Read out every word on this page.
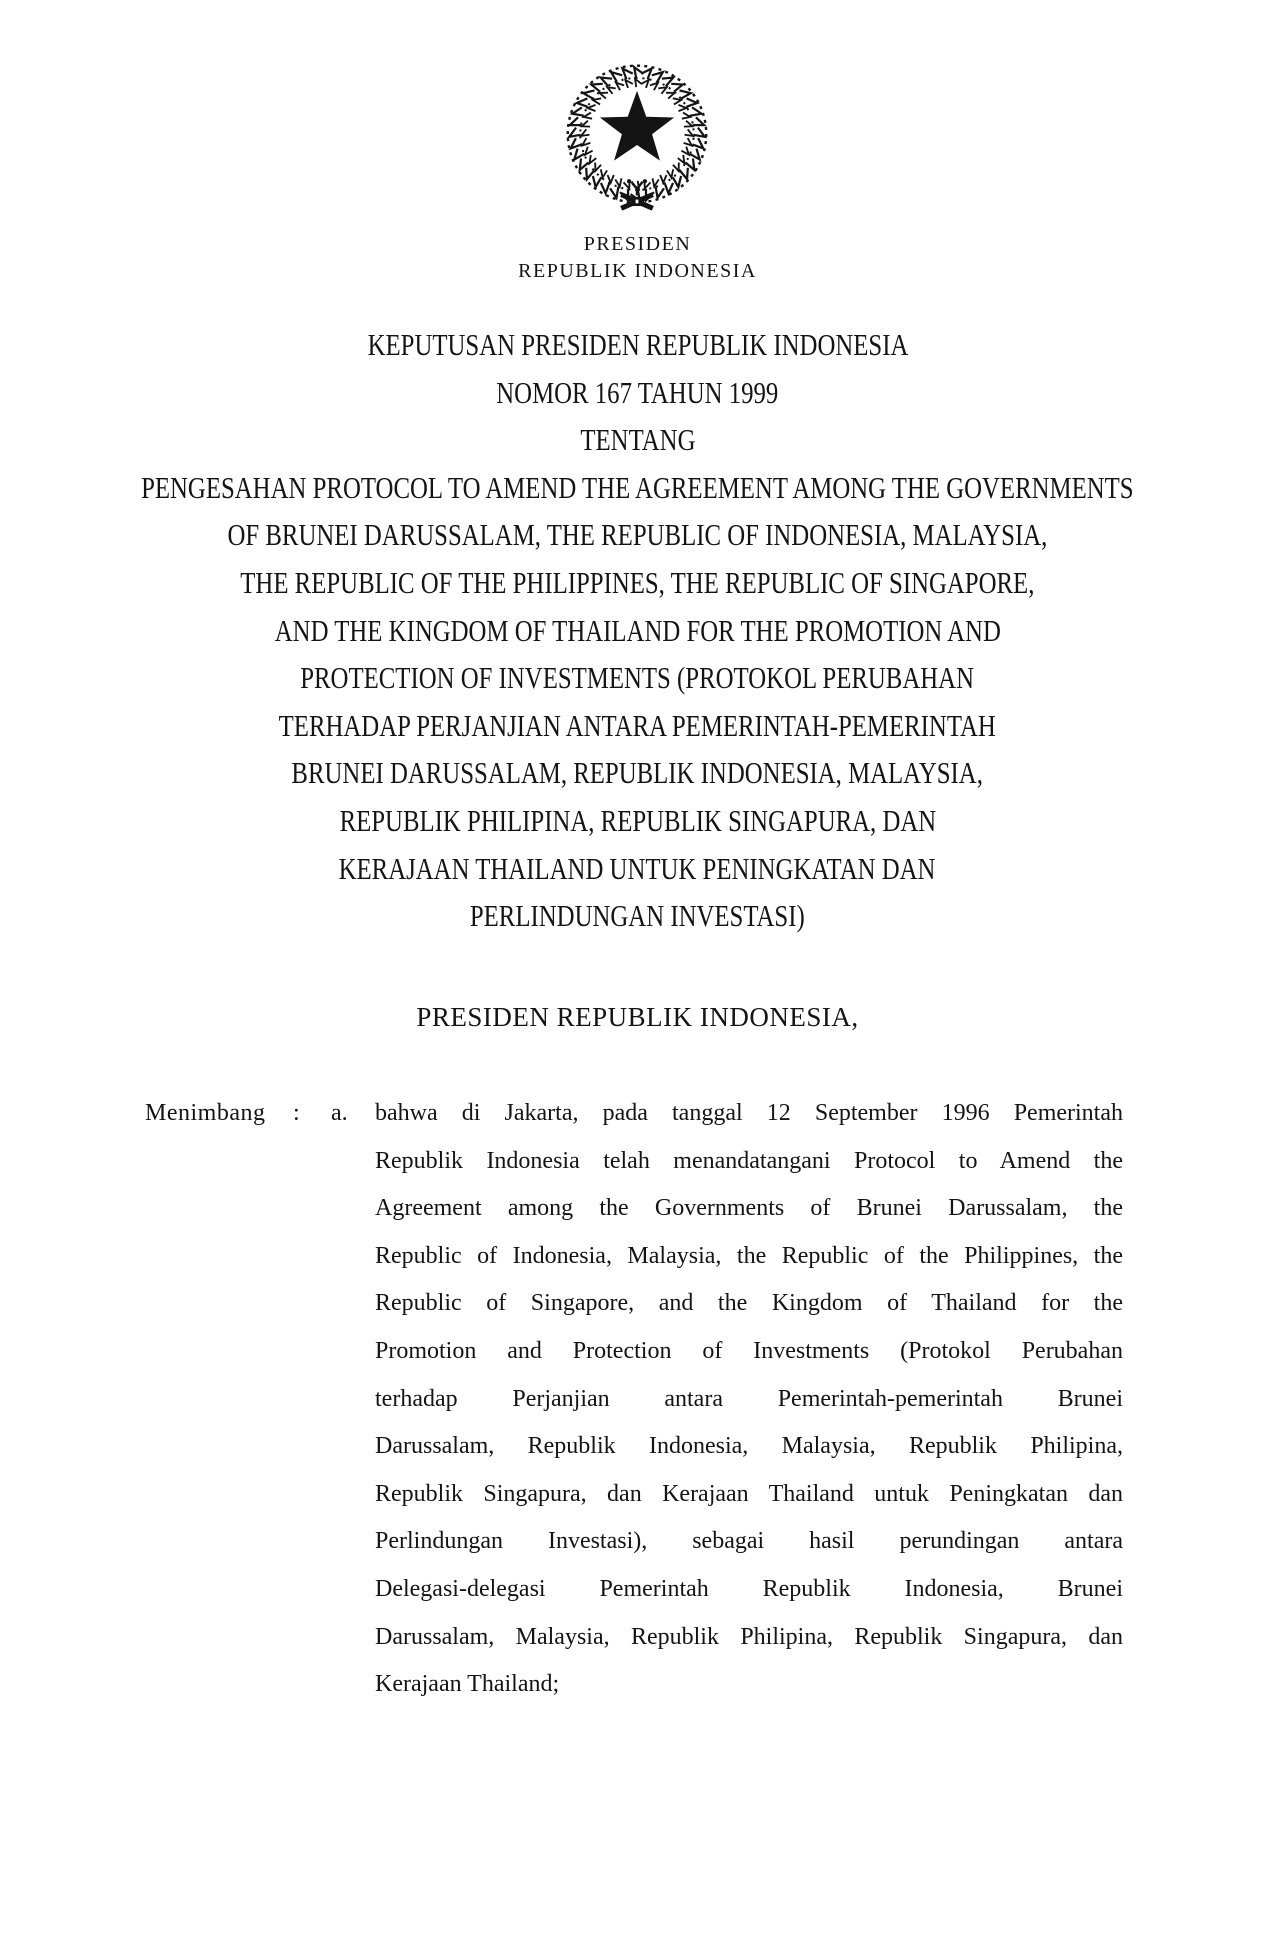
PRESIDEN
REPUBLIK INDONESIA
KEPUTUSAN PRESIDEN REPUBLIK INDONESIA
NOMOR 167 TAHUN 1999
TENTANG
PENGESAHAN PROTOCOL TO AMEND THE AGREEMENT AMONG THE GOVERNMENTS
OF BRUNEI DARUSSALAM, THE REPUBLIC OF INDONESIA, MALAYSIA,
THE REPUBLIC OF THE PHILIPPINES, THE REPUBLIC OF SINGAPORE,
AND THE KINGDOM OF THAILAND FOR THE PROMOTION AND
PROTECTION OF INVESTMENTS (PROTOKOL PERUBAHAN
TERHADAP PERJANJIAN ANTARA PEMERINTAH-PEMERINTAH
BRUNEI DARUSSALAM, REPUBLIK INDONESIA, MALAYSIA,
REPUBLIK PHILIPINA, REPUBLIK SINGAPURA, DAN
KERAJAAN THAILAND UNTUK PENINGKATAN DAN
PERLINDUNGAN INVESTASI)
PRESIDEN REPUBLIK INDONESIA,
Menimbang : a. bahwa di Jakarta, pada tanggal 12 September 1996 Pemerintah
Republik Indonesia telah menandatangani Protocol to Amend the
Agreement among the Governments of Brunei Darussalam, the
Republic of Indonesia, Malaysia, the Republic of the Philippines, the
Republic of Singapore, and the Kingdom of Thailand for the
Promotion and Protection of Investments (Protokol Perubahan
terhadap Perjanjian antara Pemerintah-pemerintah Brunei
Darussalam, Republik Indonesia, Malaysia, Republik Philipina,
Republik Singapura, dan Kerajaan Thailand untuk Peningkatan dan
Perlindungan Investasi), sebagai hasil perundingan antara
Delegasi-delegasi Pemerintah Republik Indonesia, Brunei
Darussalam, Malaysia, Republik Philipina, Republik Singapura, dan
Kerajaan Thailand;
